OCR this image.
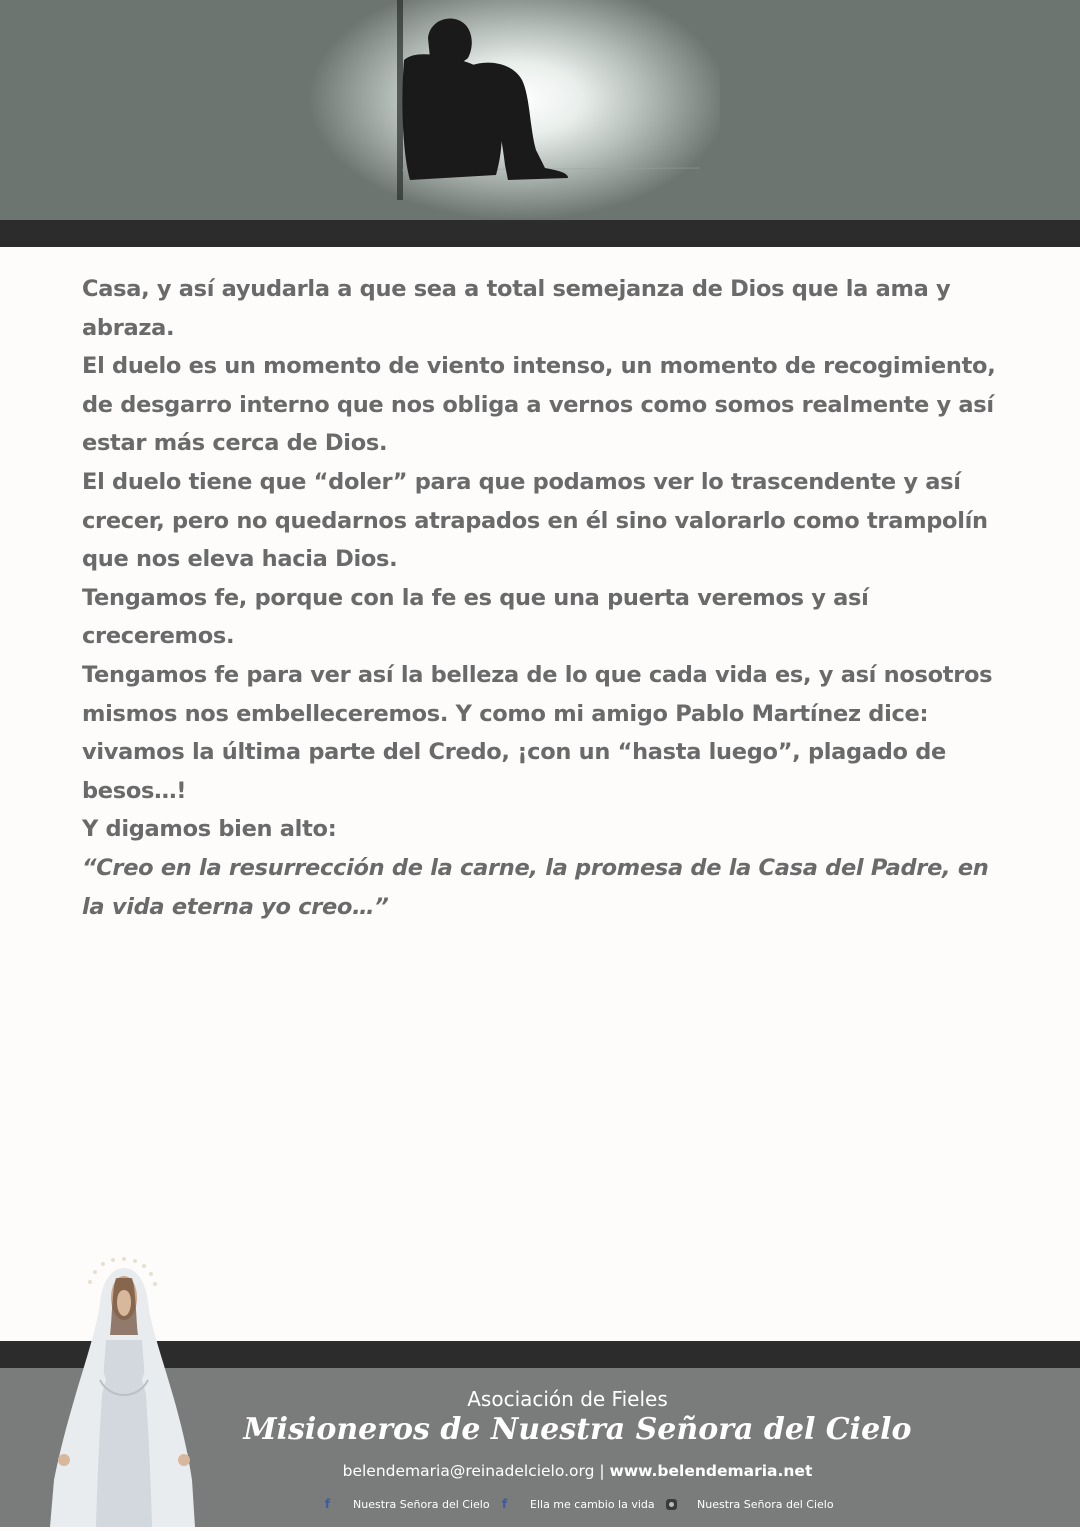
Casa, y así ayudarla a que sea a total semejanza de Dios que la ama y abraza.

El duelo es un momento de viento intenso, un momento de recogimiento, de desgarro interno que nos obliga a vernos como somos realmente y así estar más cerca de Dios.

El duelo tiene que “doler” para que podamos ver lo trascendente y así crecer, pero no quedarnos atrapados en él sino valorarlo como trampolín que nos eleva hacia Dios.

Tengamos fe, porque con la fe es que una puerta veremos y así creceremos.

Tengamos fe para ver así la belleza de lo que cada vida es, y así nosotros mismos nos embelleceremos. Y como mi amigo Pablo Martínez dice: vivamos la última parte del Credo, ¡con un “hasta luego”, plagado de besos…!

Y digamos bien alto:

“Creo en la resurrección de la carne, la promesa de la Casa del Padre, en la vida eterna yo creo…”

Asociación de Fieles
Misioneros de Nuestra Señora del Cielo
belendemaria@reinadelcielo.org | www.belendemaria.net
f	Nuestra Señora del Cielo	f	Ella me cambio la vida	Nuestra Señora del Cielo
